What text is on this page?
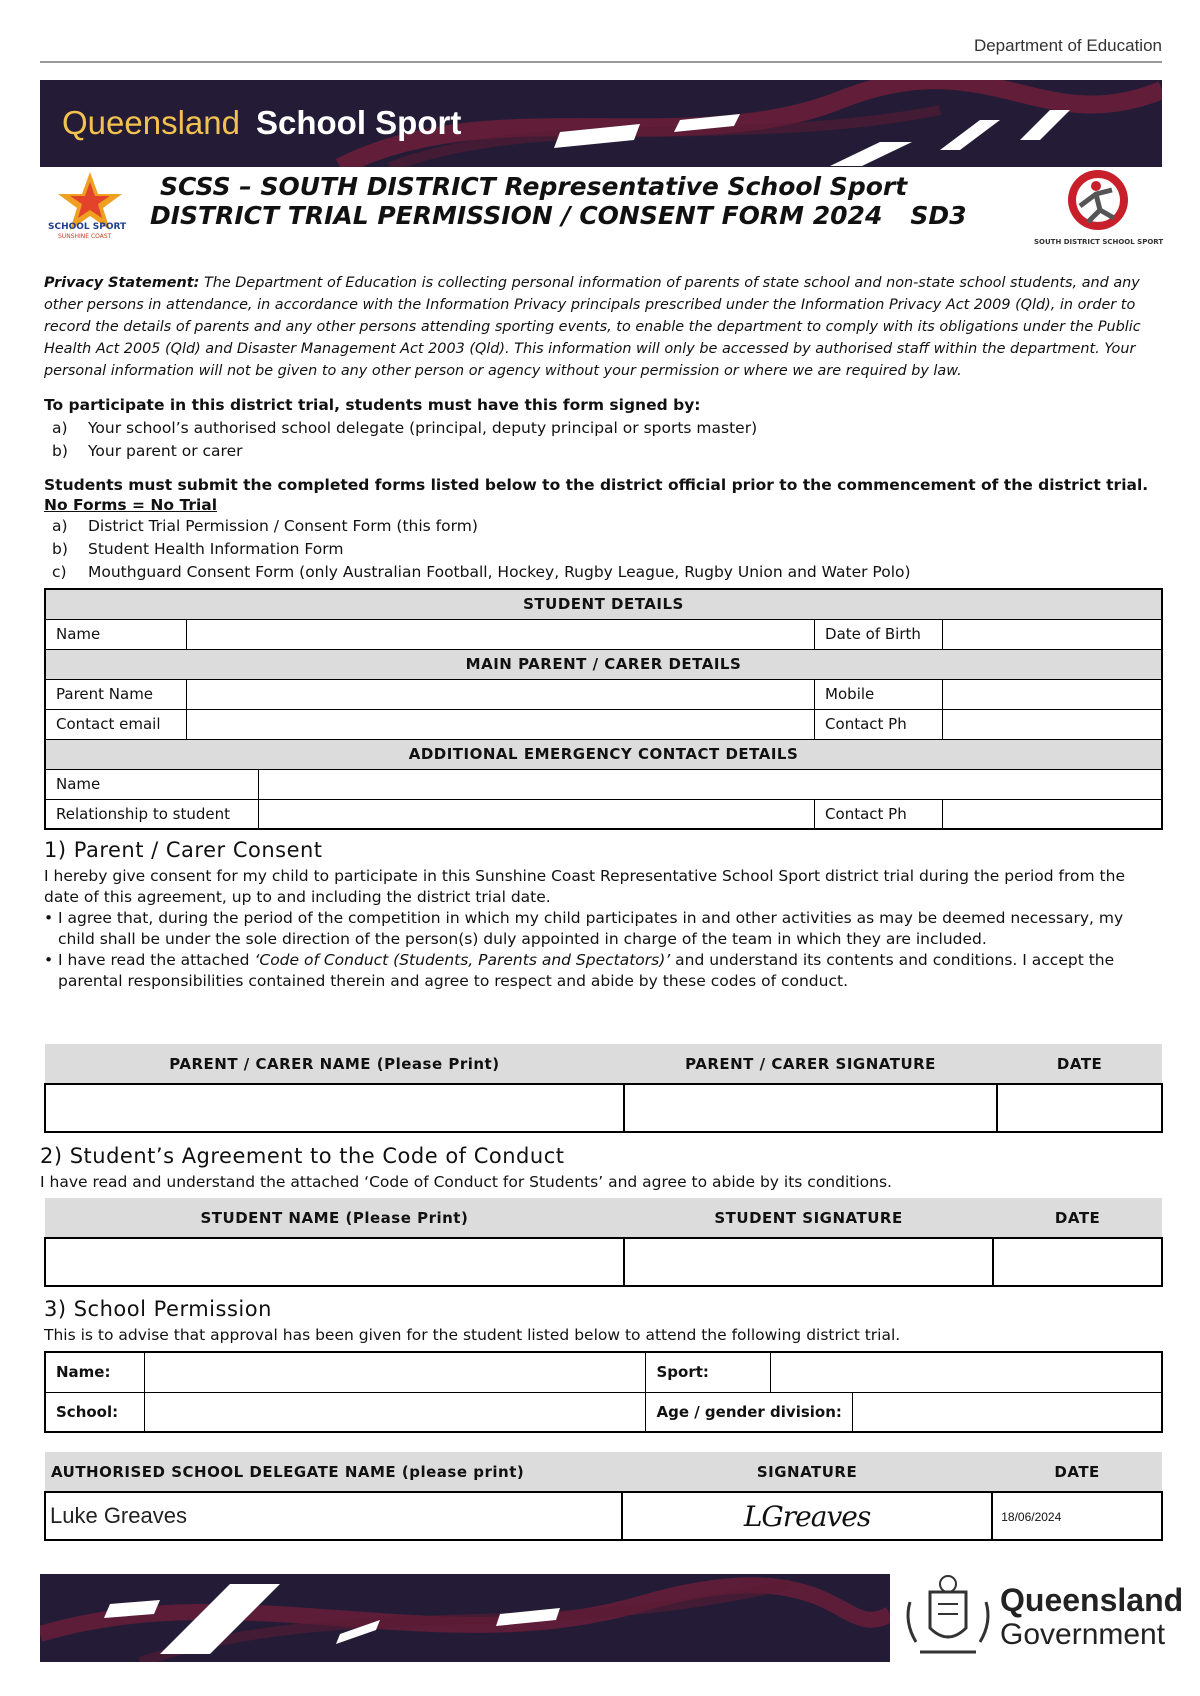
Department of Education
Queensland School Sport
SCHOOL SPORT
SUNSHINE COAST
SOUTH DISTRICT SCHOOL SPORT
SCSS – SOUTH DISTRICT Representative School Sport
DISTRICT TRIAL PERMISSION / CONSENT FORM 2024 SD3
Privacy Statement: The Department of Education is collecting personal information of parents of state school and non-state school students, and any other persons in attendance, in accordance with the Information Privacy principals prescribed under the Information Privacy Act 2009 (Qld), in order to record the details of parents and any other persons attending sporting events, to enable the department to comply with its obligations under the Public Health Act 2005 (Qld) and Disaster Management Act 2003 (Qld). This information will only be accessed by authorised staff within the department. Your personal information will not be given to any other person or agency without your permission or where we are required by law.
To participate in this district trial, students must have this form signed by:
a) Your school’s authorised school delegate (principal, deputy principal or sports master)
b) Your parent or carer
Students must submit the completed forms listed below to the district official prior to the commencement of the district trial.  No Forms = No Trial
a) District Trial Permission / Consent Form (this form)
b) Student Health Information Form
c) Mouthguard Consent Form (only Australian Football, Hockey, Rugby League, Rugby Union and Water Polo)
STUDENT DETAILS				
Name			Date of Birth	
MAIN PARENT / CARER DETAILS				
Parent Name			Mobile	
Contact email			Contact Ph	
ADDITIONAL EMERGENCY CONTACT DETAILS				
Name				
Relationship to student			Contact Ph	
1) Parent / Carer Consent
I hereby give consent for my child to participate in this Sunshine Coast Representative School Sport district trial during the period from the date of this agreement, up to and including the district trial date.
• I agree that, during the period of the competition in which my child participates in and other activities as may be deemed necessary, my child shall be under the sole direction of the person(s) duly appointed in charge of the team in which they are included.
• I have read the attached ‘Code of Conduct (Students, Parents and Spectators)’ and understand its contents and conditions. I accept the parental responsibilities contained therein and agree to respect and abide by these codes of conduct.
PARENT / CARER NAME (Please Print)	PARENT / CARER SIGNATURE	DATE

2) Student’s Agreement to the Code of Conduct
I have read and understand the attached ‘Code of Conduct for Students’ and agree to abide by its conditions.
STUDENT NAME (Please Print)	STUDENT SIGNATURE	DATE

3) School Permission
This is to advise that approval has been given for the student listed below to attend the following district trial.
Name:		Sport:		
School:		Age / gender division:		
AUTHORISED SCHOOL DELEGATE NAME (please print)	SIGNATURE	DATE
Luke Greaves	LGreaves	18/06/2024
Queensland
Government
